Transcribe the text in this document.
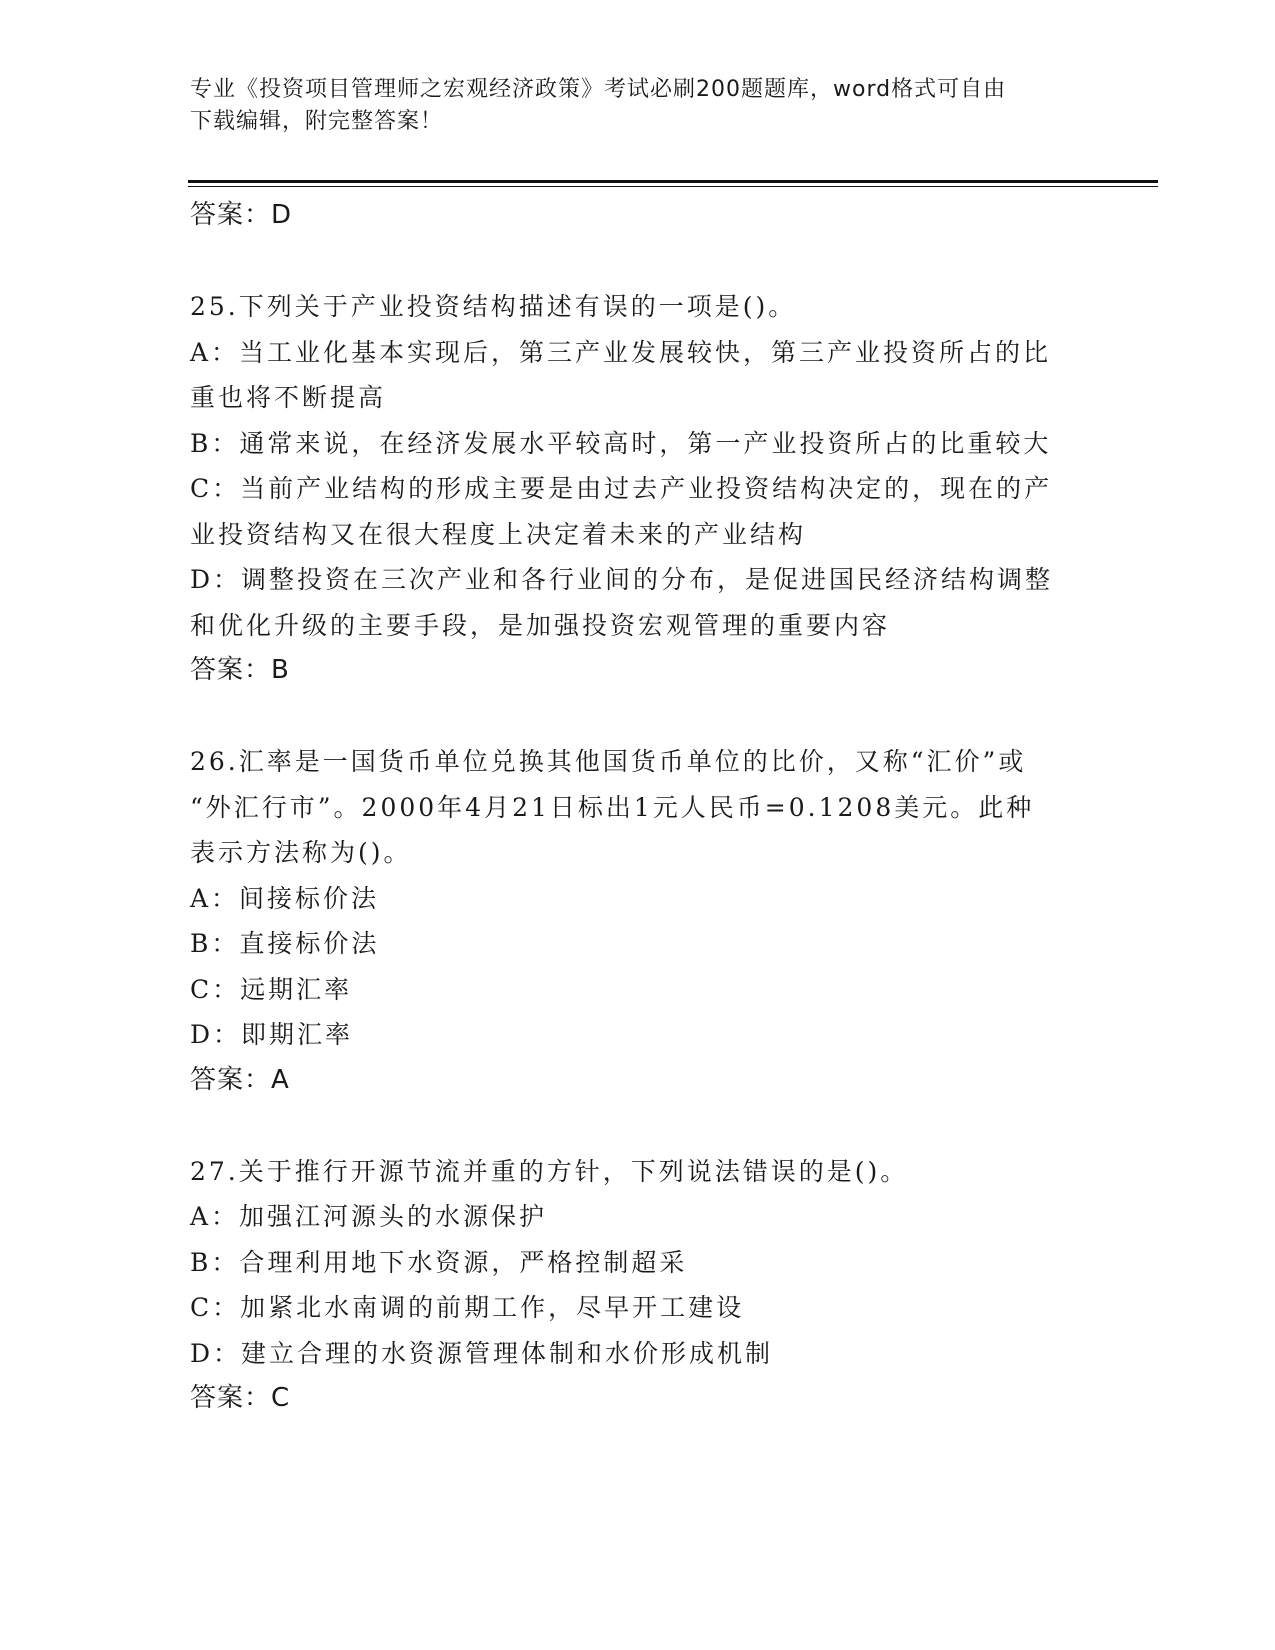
专业《投资项目管理师之宏观经济政策》考试必刷200题题库，word格式可自由
下载编辑，附完整答案！
答案：D
25.下列关于产业投资结构描述有误的一项是()。
A：当工业化基本实现后，第三产业发展较快，第三产业投资所占的比
重也将不断提高
B：通常来说，在经济发展水平较高时，第一产业投资所占的比重较大
C：当前产业结构的形成主要是由过去产业投资结构决定的，现在的产
业投资结构又在很大程度上决定着未来的产业结构
D：调整投资在三次产业和各行业间的分布，是促进国民经济结构调整
和优化升级的主要手段，是加强投资宏观管理的重要内容
答案：B
26.汇率是一国货币单位兑换其他国货币单位的比价，又称“汇价”或
“外汇行市”。2000年4月21日标出1元人民币=0.1208美元。此种
表示方法称为()。
A：间接标价法
B：直接标价法
C：远期汇率
D：即期汇率
答案：A
27.关于推行开源节流并重的方针，下列说法错误的是()。
A：加强江河源头的水源保护
B：合理利用地下水资源，严格控制超采
C：加紧北水南调的前期工作，尽早开工建设
D：建立合理的水资源管理体制和水价形成机制
答案：C
